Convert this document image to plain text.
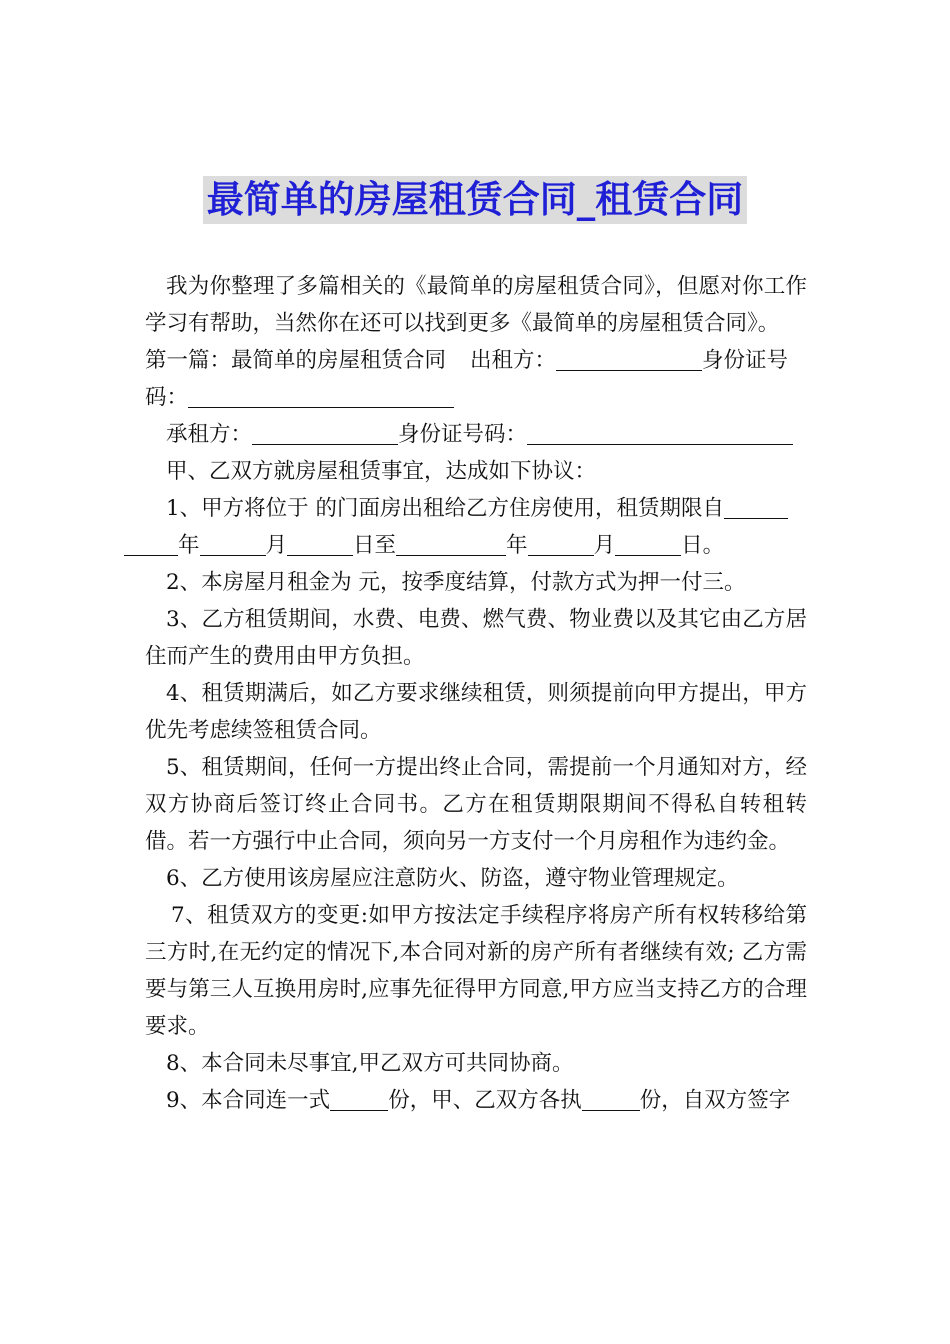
最简单的房屋租赁合同_租赁合同

我为你整理了多篇相关的《最简单的房屋租赁合同》，但愿对你工作学习有帮助，当然你在还可以找到更多《最简单的房屋租赁合同》。

第一篇：最简单的房屋租赁合同 出租方：	身份证号
码：

承租方：	身份证号码：

甲、乙双方就房屋租赁事宜，达成如下协议：

1、甲方将位于 的门面房出租给乙方住房使用，租赁期限自
年	月	日至	年	月	日。

2、本房屋月租金为 元，按季度结算，付款方式为押一付三。

3、乙方租赁期间，水费、电费、燃气费、物业费以及其它由乙方居住而产生的费用由甲方负担。

4、租赁期满后，如乙方要求继续租赁，则须提前向甲方提出，甲方优先考虑续签租赁合同。

5、租赁期间，任何一方提出终止合同，需提前一个月通知对方，经双方协商后签订终止合同书。乙方在租赁期限期间不得私自转租转借。若一方强行中止合同，须向另一方支付一个月房租作为违约金。

6、乙方使用该房屋应注意防火、防盗，遵守物业管理规定。

7、租赁双方的变更:如甲方按法定手续程序将房产所有权转移给第三方时,在无约定的情况下,本合同对新的房产所有者继续有效; 乙方需要与第三人互换用房时,应事先征得甲方同意,甲方应当支持乙方的合理要求。

8、本合同未尽事宜,甲乙双方可共同协商。

9、本合同连一式	份，甲、乙双方各执	份，自双方签字
